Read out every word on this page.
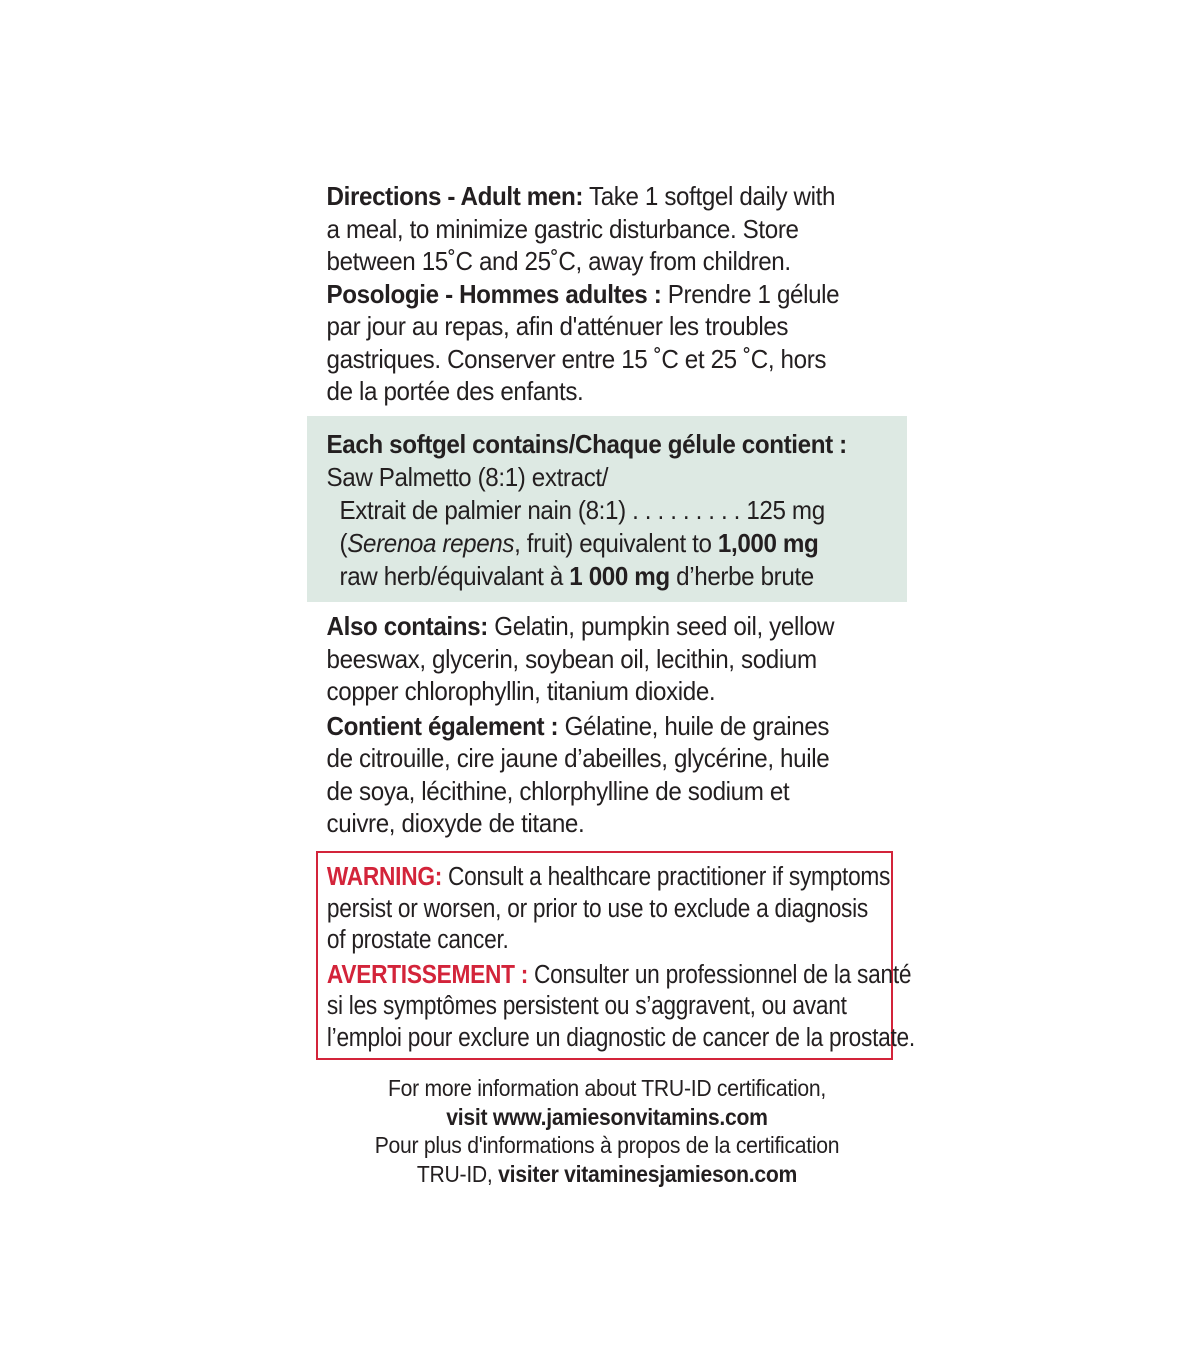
Directions - Adult men: Take 1 softgel daily with
a meal, to minimize gastric disturbance. Store
between 15˚C and 25˚C, away from children.
Posologie - Hommes adultes : Prendre 1 gélule
par jour au repas, afin d'atténuer les troubles
gastriques. Conserver entre 15 ˚C et 25 ˚C, hors
de la portée des enfants.
Each softgel contains/Chaque gélule contient :
Saw Palmetto (8:1) extract/
Extrait de palmier nain (8:1) . . . . . . . . . 125 mg
(Serenoa repens, fruit) equivalent to 1,000 mg
raw herb/équivalant à 1 000 mg d’herbe brute
Also contains: Gelatin, pumpkin seed oil, yellow
beeswax, glycerin, soybean oil, lecithin, sodium
copper chlorophyllin, titanium dioxide.
Contient également : Gélatine, huile de graines
de citrouille, cire jaune d’abeilles, glycérine, huile
de soya, lécithine, chlorphylline de sodium et
cuivre, dioxyde de titane.
WARNING: Consult a healthcare practitioner if symptoms
persist or worsen, or prior to use to exclude a diagnosis
of prostate cancer.
AVERTISSEMENT : Consulter un professionnel de la santé
si les symptômes persistent ou s’aggravent, ou avant
l’emploi pour exclure un diagnostic de cancer de la prostate.
For more information about TRU-ID certification,
visit www.jamiesonvitamins.com
Pour plus d'informations à propos de la certification
TRU-ID, visiter vitaminesjamieson.com
